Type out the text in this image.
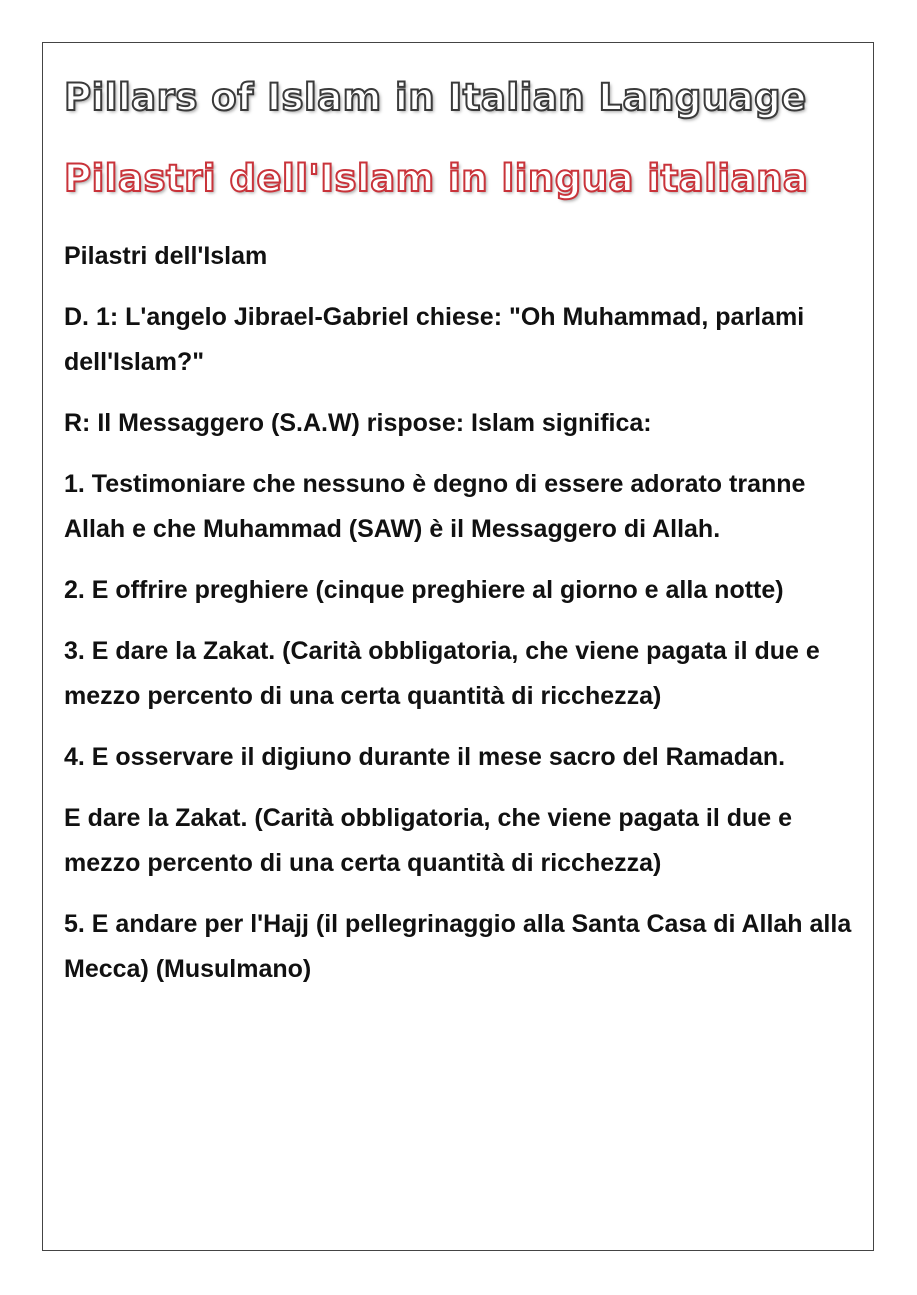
Pillars of Islam in Italian Language
Pilastri dell'Islam in lingua italiana
Pilastri dell'Islam
D. 1: L'angelo Jibrael-Gabriel chiese: "Oh Muhammad, parlami dell'Islam?"
R: Il Messaggero (S.A.W) rispose: Islam significa:
1. Testimoniare che nessuno è degno di essere adorato tranne Allah e che Muhammad (SAW) è il Messaggero di Allah.
2. E offrire preghiere (cinque preghiere al giorno e alla notte)
3. E dare la Zakat. (Carità obbligatoria, che viene pagata il due e mezzo percento di una certa quantità di ricchezza)
4. E osservare il digiuno durante il mese sacro del Ramadan.
E dare la Zakat. (Carità obbligatoria, che viene pagata il due e mezzo percento di una certa quantità di ricchezza)
5. E andare per l'Hajj (il pellegrinaggio alla Santa Casa di Allah alla Mecca) (Musulmano)
